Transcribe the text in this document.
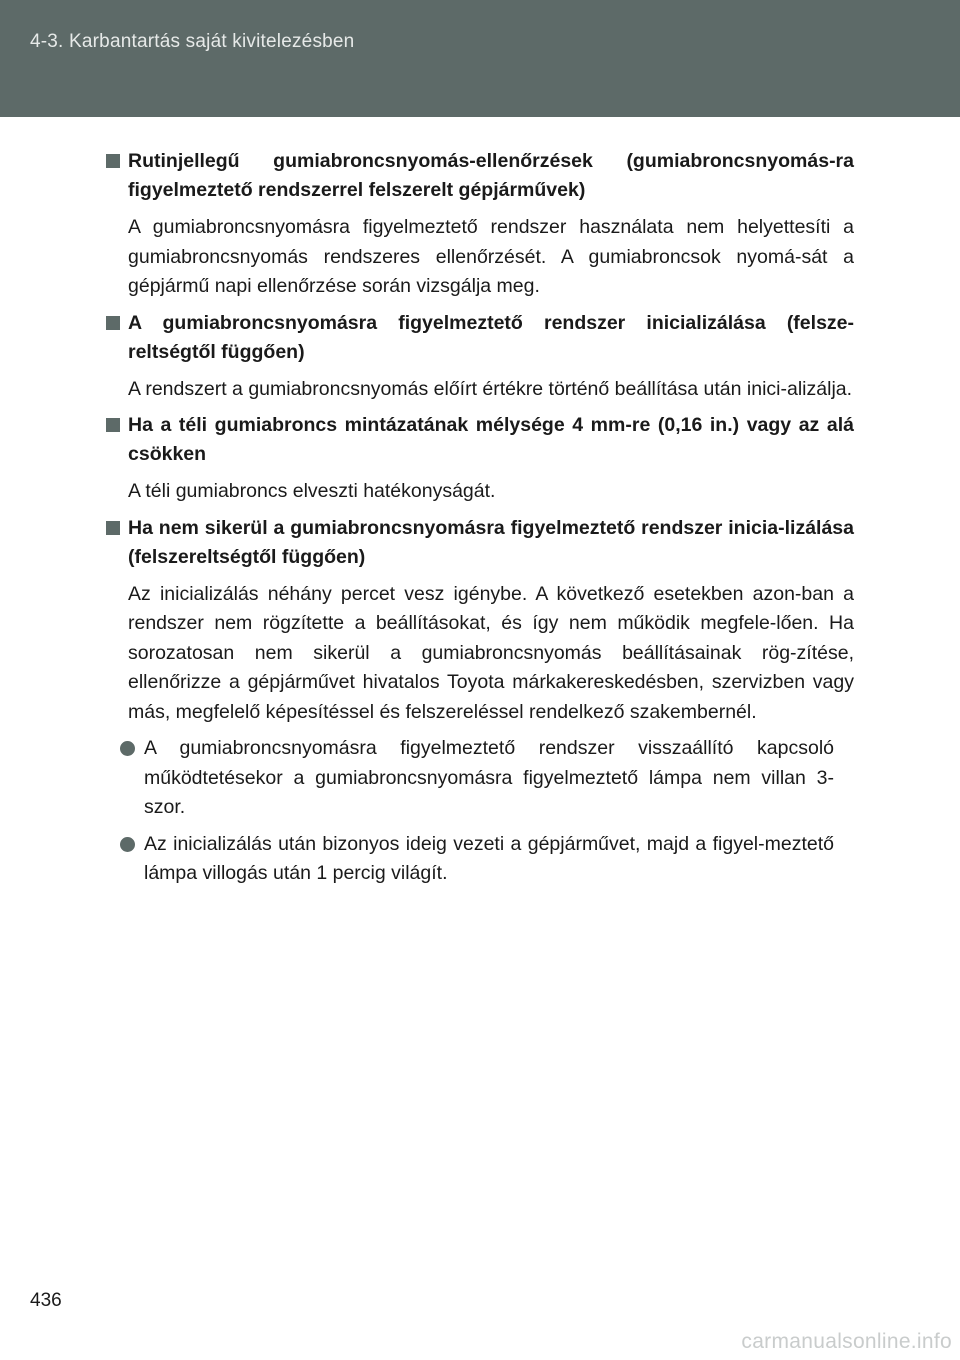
4-3. Karbantartás saját kivitelezésben
Rutinjellegű gumiabroncsnyomás-ellenőrzések (gumiabroncsnyomás-ra figyelmeztető rendszerrel felszerelt gépjárművek)
A gumiabroncsnyomásra figyelmeztető rendszer használata nem helyettesíti a gumiabroncsnyomás rendszeres ellenőrzését. A gumiabroncsok nyomá-sát a gépjármű napi ellenőrzése során vizsgálja meg.
A gumiabroncsnyomásra figyelmeztető rendszer inicializálása (felsze-reltségtől függően)
A rendszert a gumiabroncsnyomás előírt értékre történő beállítása után inici-alizálja.
Ha a téli gumiabroncs mintázatának mélysége 4 mm-re (0,16 in.) vagy az alá csökken
A téli gumiabroncs elveszti hatékonyságát.
Ha nem sikerül a gumiabroncsnyomásra figyelmeztető rendszer inicia-lizálása (felszereltségtől függően)
Az inicializálás néhány percet vesz igénybe. A következő esetekben azon-ban a rendszer nem rögzítette a beállításokat, és így nem működik megfele-lően. Ha sorozatosan nem sikerül a gumiabroncsnyomás beállításainak rög-zítése, ellenőrizze a gépjárművet hivatalos Toyota márkakereskedésben, szervizben vagy más, megfelelő képesítéssel és felszereléssel rendelkező szakembernél.
A gumiabroncsnyomásra figyelmeztető rendszer visszaállító kapcsoló működtetésekor a gumiabroncsnyomásra figyelmeztető lámpa nem villan 3-szor.
Az inicializálás után bizonyos ideig vezeti a gépjárművet, majd a figyel-meztető lámpa villogás után 1 percig világít.
436
carmanualsonline.info
